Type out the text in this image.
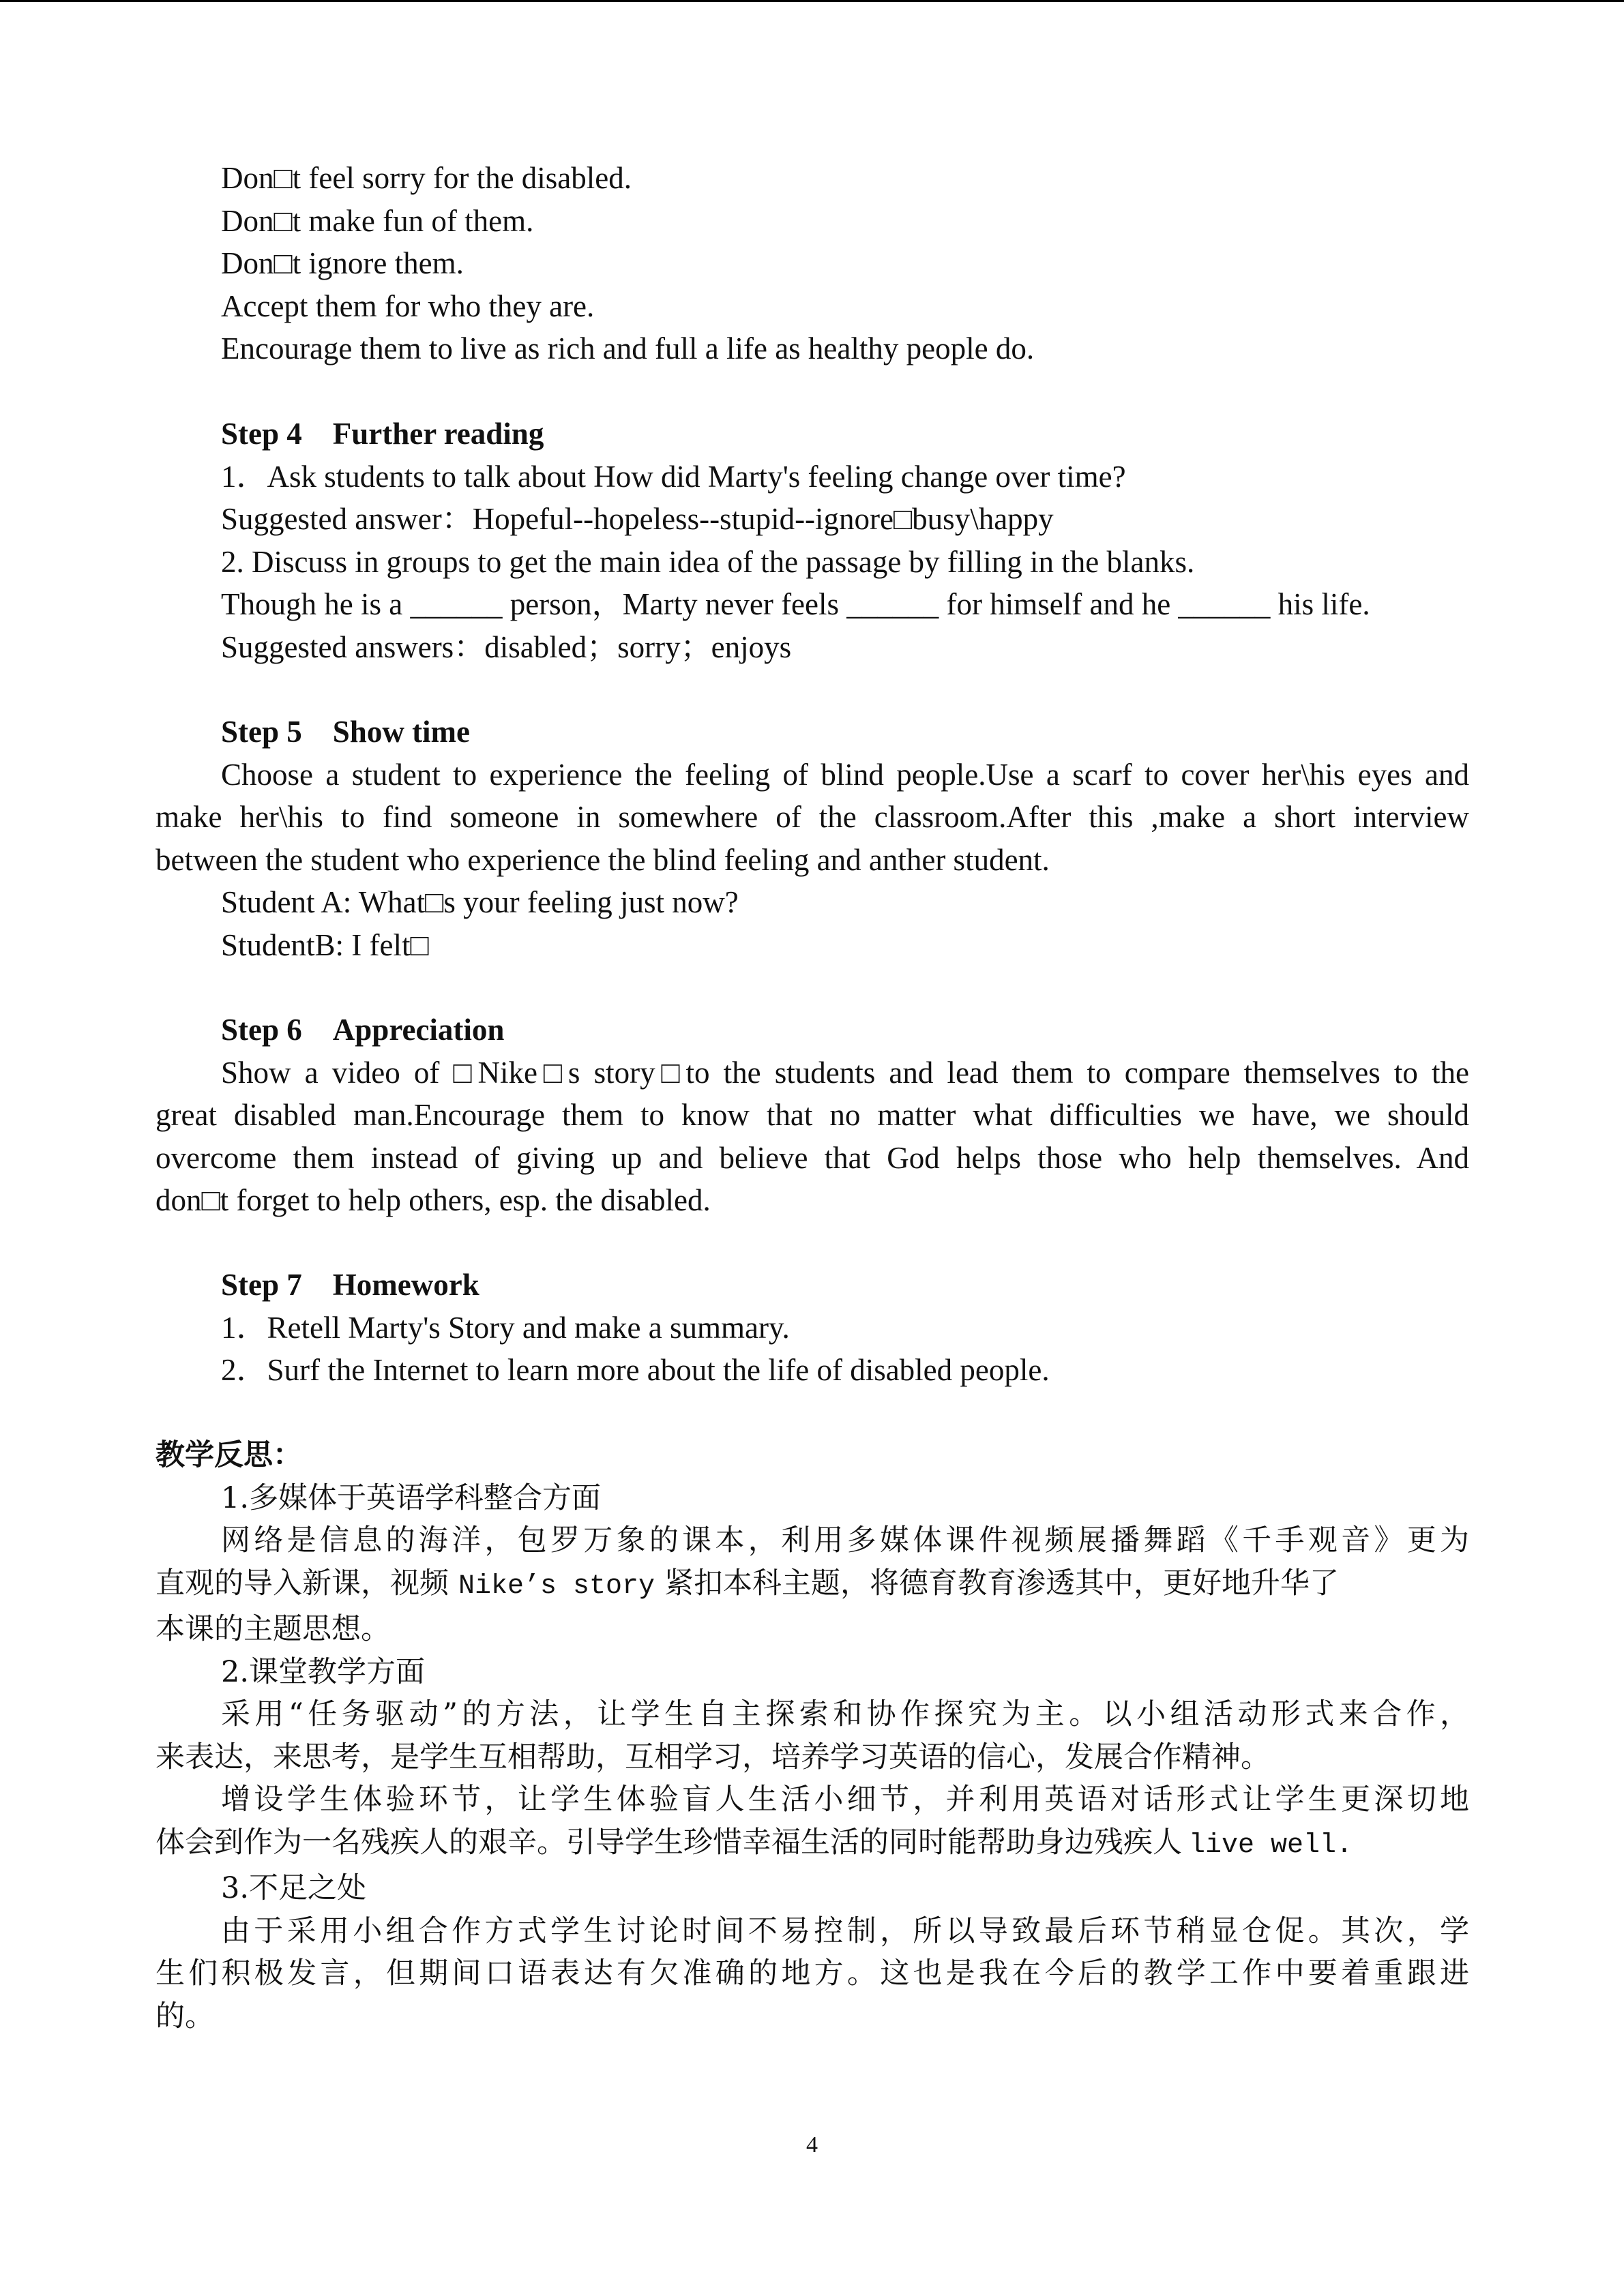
Don□t feel sorry for the disabled.

Don□t make fun of them.

Don□t ignore them.

Accept them for who they are.

Encourage them to live as rich and full a life as healthy people do.

Step 4 Further reading

1．Ask students to talk about How did Marty's feeling change over time?

Suggested answer：Hopeful--hopeless--stupid--ignore□busy\happy

2. Discuss in groups to get the main idea of the passage by filling in the blanks.

Though he is a ______ person，Marty never feels ______ for himself and he ______ his life.

Suggested answers：disabled；sorry；enjoys

Step 5 Show time

Choose a student to experience the feeling of blind people.Use a scarf to cover her\his eyes and

make her\his to find someone in somewhere of the classroom.After this ,make a short interview

between the student who experience the blind feeling and anther student.

Student A: What□s your feeling just now?

StudentB: I felt□

Step 6 Appreciation

Show a video of □Nike□s story□to the students and lead them to compare themselves to the

great disabled man.Encourage them to know that no matter what difficulties we have, we should

overcome them instead of giving up and believe that God helps those who help themselves. And

don□t forget to help others, esp. the disabled.

Step 7 Homework

1．Retell Marty's Story and make a summary.

2．Surf the Internet to learn more about the life of disabled people.

教学反思：

1.多媒体于英语学科整合方面

网络是信息的海洋，包罗万象的课本，利用多媒体课件视频展播舞蹈《千手观音》更为

直观的导入新课，视频 Nike’s story 紧扣本科主题，将德育教育渗透其中，更好地升华了

本课的主题思想。

2.课堂教学方面

采用“任务驱动”的方法，让学生自主探索和协作探究为主。以小组活动形式来合作，

来表达，来思考，是学生互相帮助，互相学习，培养学习英语的信心，发展合作精神。

增设学生体验环节，让学生体验盲人生活小细节，并利用英语对话形式让学生更深切地

体会到作为一名残疾人的艰辛。引导学生珍惜幸福生活的同时能帮助身边残疾人 live well.

3.不足之处

由于采用小组合作方式学生讨论时间不易控制，所以导致最后环节稍显仓促。其次，学

生们积极发言，但期间口语表达有欠准确的地方。这也是我在今后的教学工作中要着重跟进

的。

4
